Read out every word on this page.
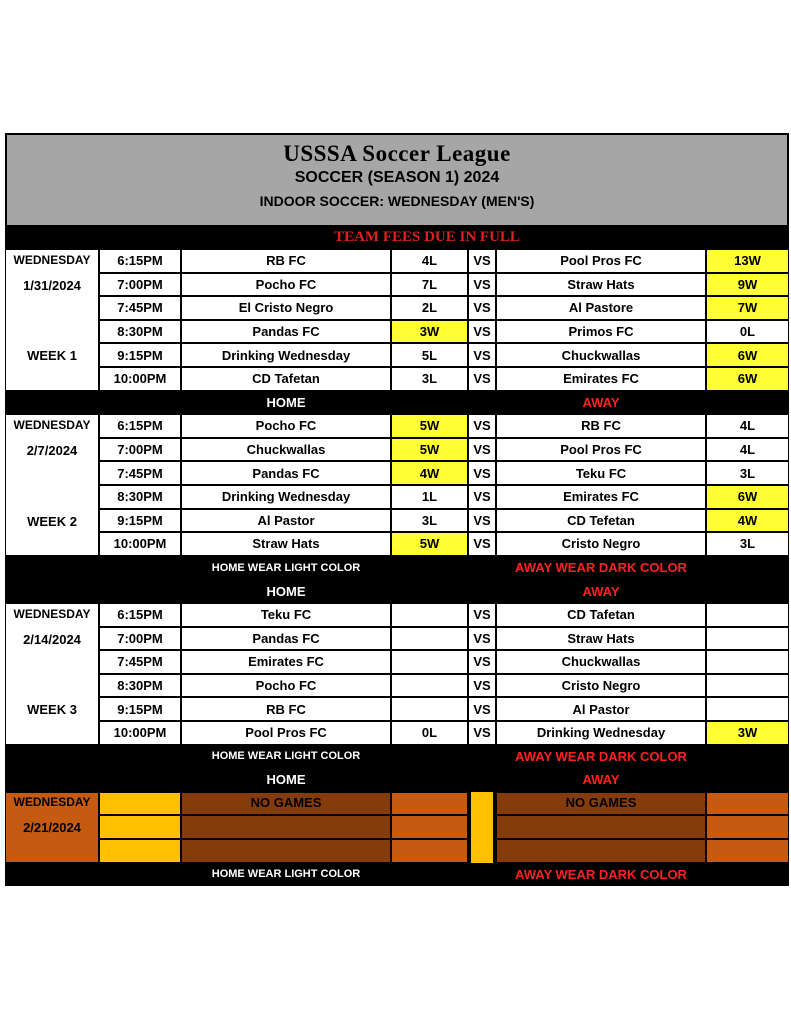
USSSA Soccer League
SOCCER (SEASON 1) 2024
INDOOR SOCCER: WEDNESDAY (MEN'S)
TEAM FEES DUE IN FULL
WEDNESDAY
1/31/2024
WEEK 1
6:15PM	RB FC	4L	VS	Pool Pros FC	13W
7:00PM	Pocho FC	7L	VS	Straw Hats	9W
7:45PM	El Cristo Negro	2L	VS	Al Pastore	7W
8:30PM	Pandas FC	3W	VS	Primos FC	0L
9:15PM	Drinking Wednesday	5L	VS	Chuckwallas	6W
10:00PM	CD Tafetan	3L	VS	Emirates FC	6W
HOME	AWAY
WEDNESDAY
2/7/2024
WEEK 2
6:15PM	Pocho FC	5W	VS	RB FC	4L
7:00PM	Chuckwallas	5W	VS	Pool Pros FC	4L
7:45PM	Pandas FC	4W	VS	Teku FC	3L
8:30PM	Drinking Wednesday	1L	VS	Emirates FC	6W
9:15PM	Al Pastor	3L	VS	CD Tefetan	4W
10:00PM	Straw Hats	5W	VS	Cristo Negro	3L
HOME WEAR LIGHT COLOR	AWAY WEAR DARK COLOR
HOME	AWAY
WEDNESDAY
2/14/2024
WEEK 3
6:15PM	Teku FC	VS	CD Tafetan
7:00PM	Pandas FC	VS	Straw Hats
7:45PM	Emirates FC	VS	Chuckwallas
8:30PM	Pocho FC	VS	Cristo Negro
9:15PM	RB FC	VS	Al Pastor
10:00PM	Pool Pros FC	0L	VS	Drinking Wednesday	3W
HOME WEAR LIGHT COLOR	AWAY WEAR DARK COLOR
HOME	AWAY
WEDNESDAY
2/21/2024
NO GAMES	NO GAMES
HOME WEAR LIGHT COLOR	AWAY WEAR DARK COLOR
